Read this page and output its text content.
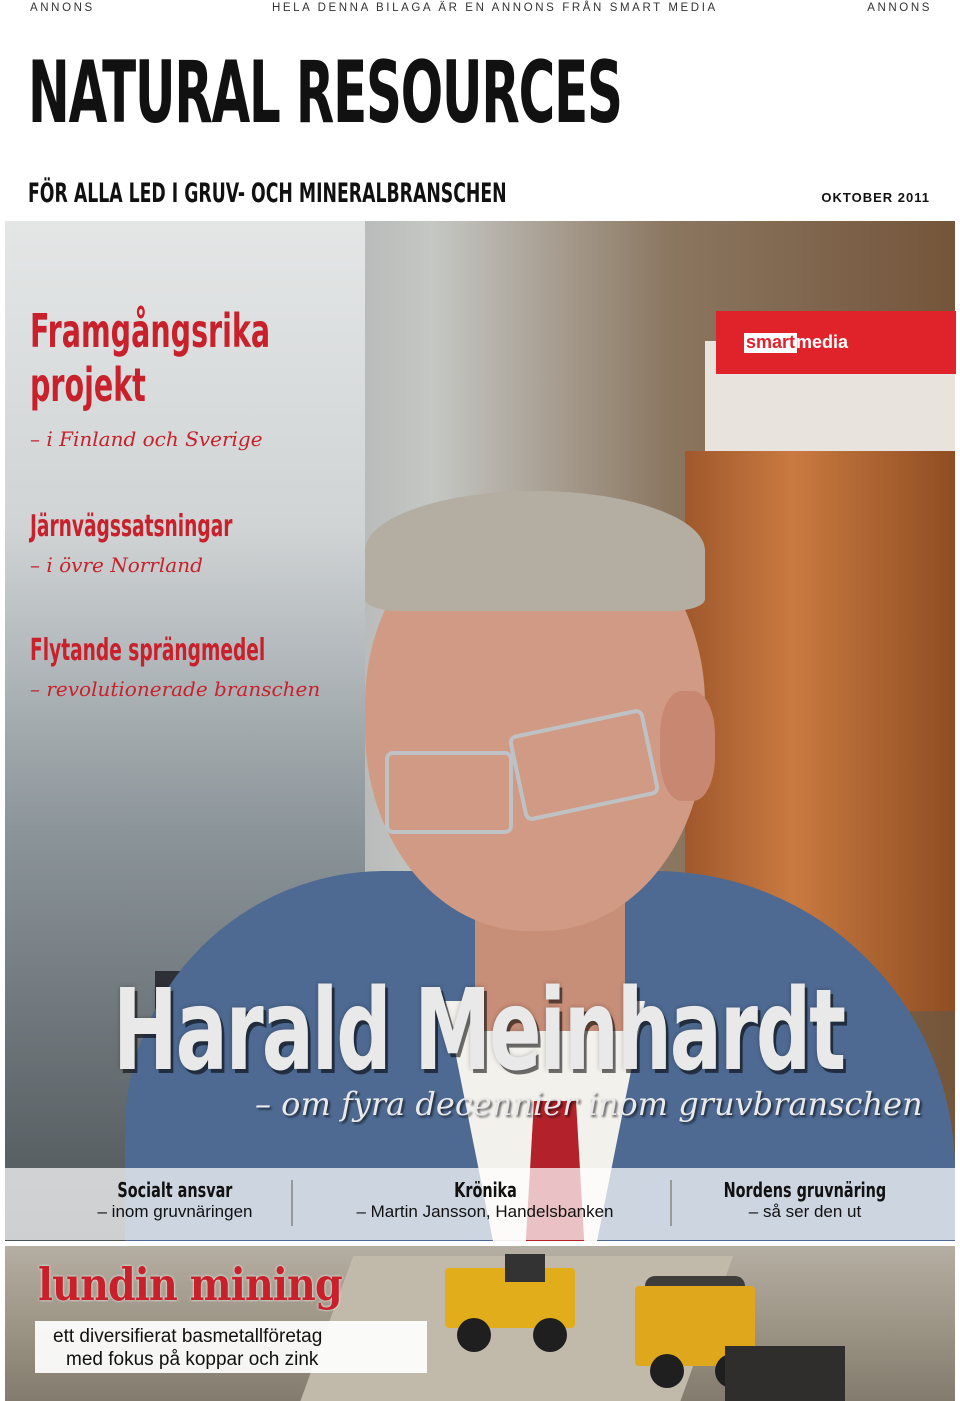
ANNONS	HELA DENNA BILAGA ÄR EN ANNONS FRÅN SMART MEDIA	ANNONS
NATURAL RESOURCES
FÖR ALLA LED I GRUV- OCH MINERALBRANSCHEN	OKTOBER 2011
smart media
Framgångsrika
projekt
– i Finland och Sverige
Järnvägssatsningar
– i övre Norrland
Flytande sprängmedel
– revolutionerade branschen
Harald Meinhardt
– om fyra decennier inom gruvbranschen
Socialt ansvar
– inom gruvnäringen
Krönika
– Martin Jansson, Handelsbanken
Nordens gruvnäring
– så ser den ut
lundin mining
ett diversifierat basmetallföretag
med fokus på koppar och zink
